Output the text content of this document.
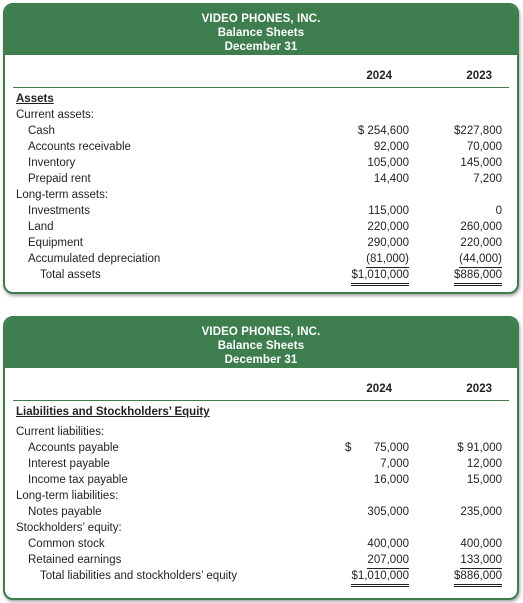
VIDEO PHONES, INC.
Balance Sheets
December 31
2024	2023
Assets
Current assets:
Cash	$ 254,600	$227,800
Accounts receivable	92,000	70,000
Inventory	105,000	145,000
Prepaid rent	14,400	7,200
Long-term assets:
Investments	115,000	0
Land	220,000	260,000
Equipment	290,000	220,000
Accumulated depreciation	(81,000)	(44,000)
Total assets	$1,010,000	$886,000
VIDEO PHONES, INC.
Balance Sheets
December 31
2024	2023
Liabilities and Stockholders’ Equity
Current liabilities:
Accounts payable	$ 75,000	$ 91,000
Interest payable	7,000	12,000
Income tax payable	16,000	15,000
Long-term liabilities:
Notes payable	305,000	235,000
Stockholders’ equity:
Common stock	400,000	400,000
Retained earnings	207,000	133,000
Total liabilities and stockholders’ equity	$1,010,000	$886,000
